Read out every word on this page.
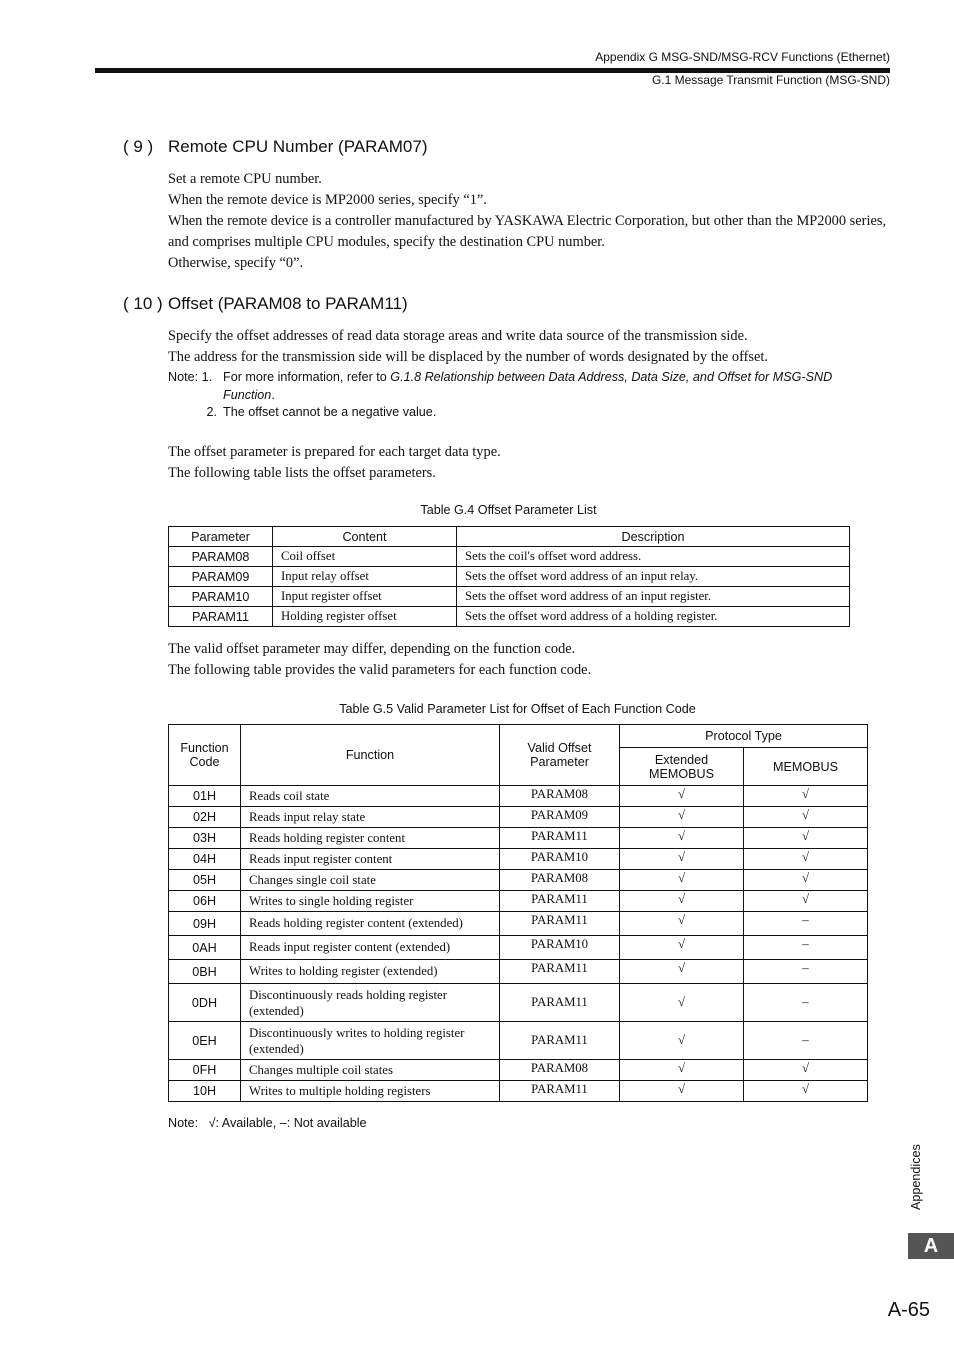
Appendix G MSG-SND/MSG-RCV Functions (Ethernet)
G.1 Message Transmit Function (MSG-SND)
( 9 ) Remote CPU Number (PARAM07)

Set a remote CPU number.

When the remote device is MP2000 series, specify “1”.

When the remote device is a controller manufactured by YASKAWA Electric Corporation, but other than the MP2000 series, and comprises multiple CPU modules, specify the destination CPU number.

Otherwise, specify “0”.

( 10 ) Offset (PARAM08 to PARAM11)

Specify the offset addresses of read data storage areas and write data source of the transmission side.

The address for the transmission side will be displaced by the number of words designated by the offset.

Note: 1. For more information, refer to G.1.8 Relationship between Data Address, Data Size, and Offset for MSG-SND Function.
2. The offset cannot be a negative value.

The offset parameter is prepared for each target data type.

The following table lists the offset parameters.

Table G.4 Offset Parameter List
Parameter	Content	Description
PARAM08	Coil offset	Sets the coil's offset word address.
PARAM09	Input relay offset	Sets the offset word address of an input relay.
PARAM10	Input register offset	Sets the offset word address of an input register.
PARAM11	Holding register offset	Sets the offset word address of a holding register.

The valid offset parameter may differ, depending on the function code.

The following table provides the valid parameters for each function code.

Table G.5 Valid Parameter List for Offset of Each Function Code
Function Code	Function	Valid Offset Parameter	Protocol Type	
			Extended MEMOBUS	MEMOBUS
01H	Reads coil state	PARAM08	√	√
02H	Reads input relay state	PARAM09	√	√
03H	Reads holding register content	PARAM11	√	√
04H	Reads input register content	PARAM10	√	√
05H	Changes single coil state	PARAM08	√	√
06H	Writes to single holding register	PARAM11	√	√
09H	Reads holding register content (extended)	PARAM11	√	–
0AH	Reads input register content (extended)	PARAM10	√	–
0BH	Writes to holding register (extended)	PARAM11	√	–
0DH	Discontinuously reads holding register (extended)	PARAM11	√	–
0EH	Discontinuously writes to holding register (extended)	PARAM11	√	–
0FH	Changes multiple coil states	PARAM08	√	√
10H	Writes to multiple holding registers	PARAM11	√	√
Note:   √: Available, –: Not available
Appendices
A
A-65
